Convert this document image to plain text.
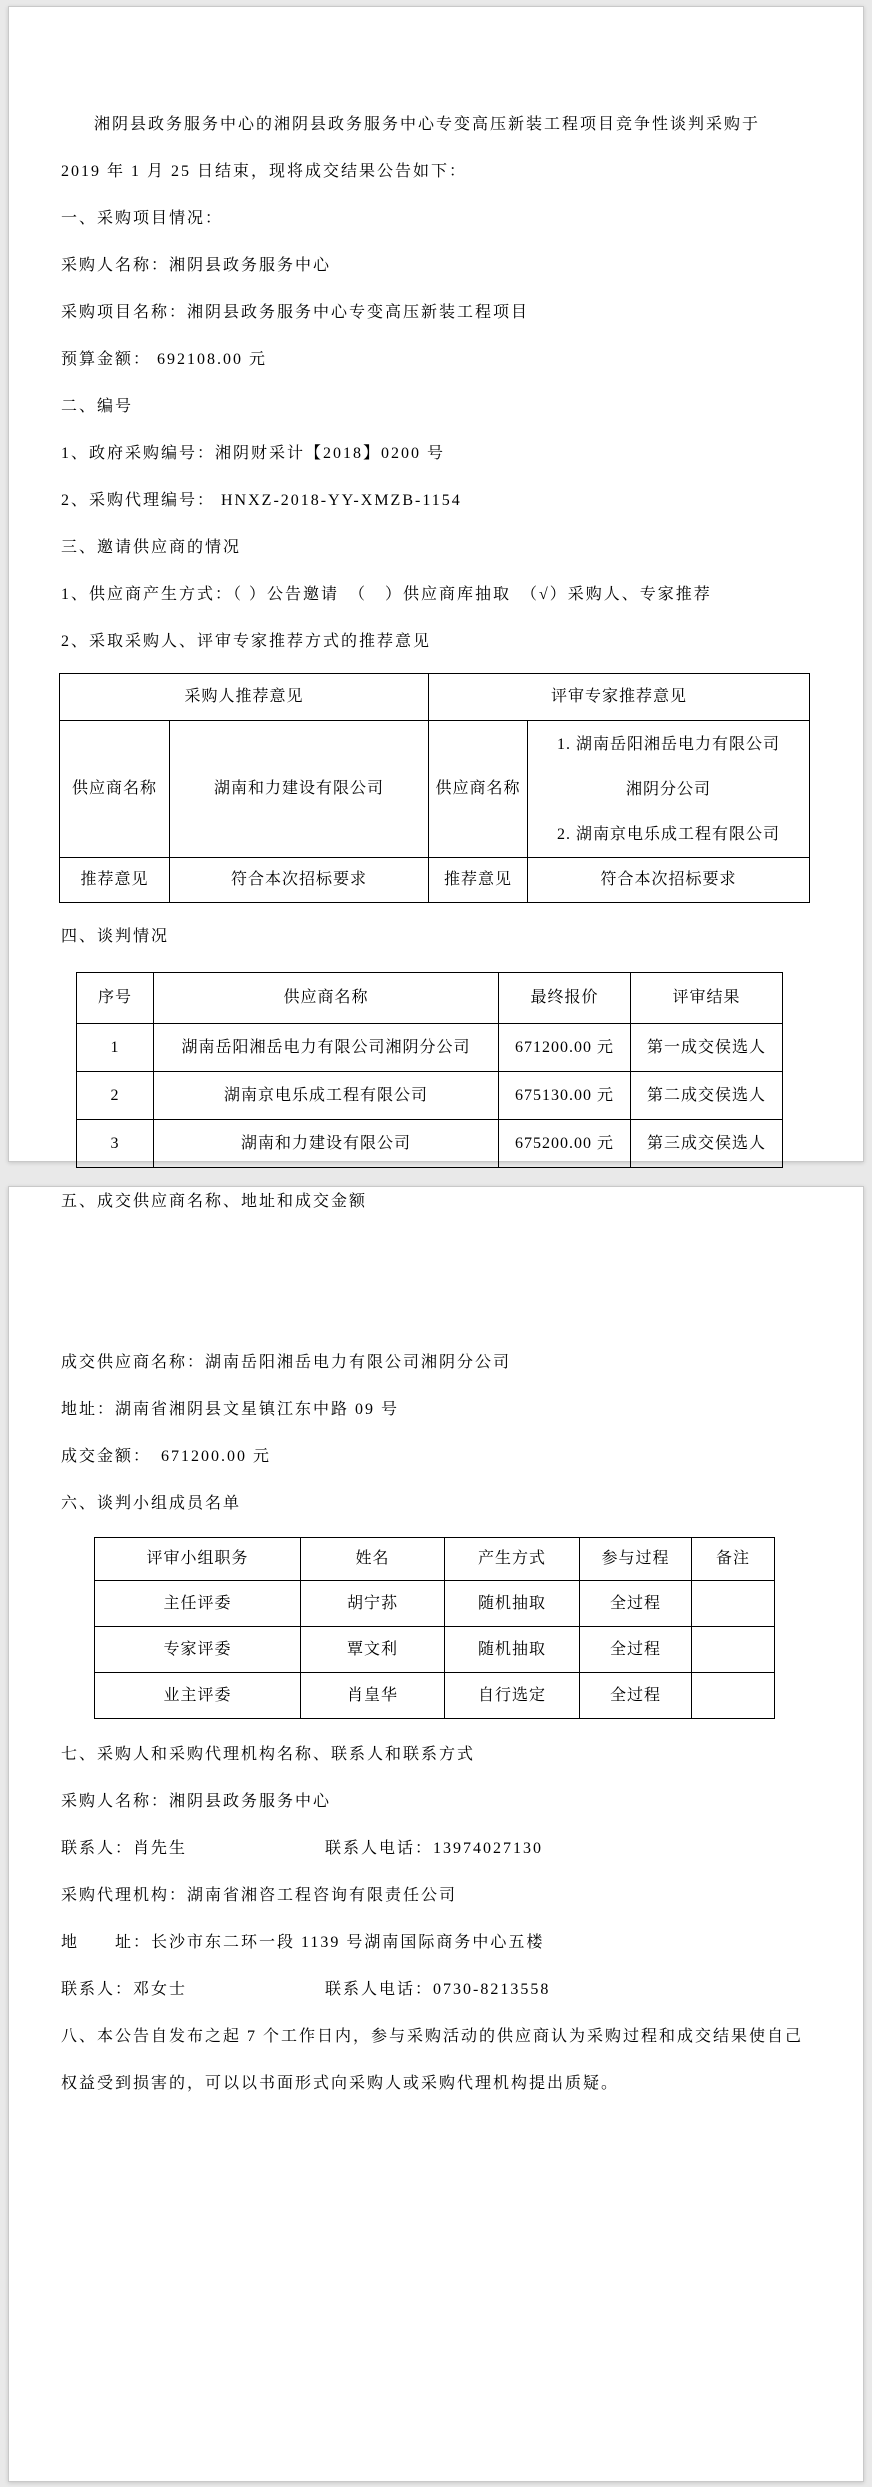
湘阴县政务服务中心的湘阴县政务服务中心专变高压新装工程项目竞争性谈判采购于 2019 年 1 月 25 日结束，现将成交结果公告如下：

一、采购项目情况：

采购人名称：湘阴县政务服务中心

采购项目名称：湘阴县政务服务中心专变高压新装工程项目

预算金额： 692108.00 元

二、编号

1、政府采购编号：湘阴财采计【2018】0200 号

2、采购代理编号： HNXZ-2018-YY-XMZB-1154

三、邀请供应商的情况

1、供应商产生方式：（ ）公告邀请　（　）供应商库抽取　（√）采购人、专家推荐

2、采取采购人、评审专家推荐方式的推荐意见

采购人推荐意见		评审专家推荐意见	
供应商名称	湖南和力建设有限公司	供应商名称	1. 湖南岳阳湘岳电力有限公司
湘阴分公司
2. 湖南京电乐成工程有限公司

推荐意见	符合本次招标要求	推荐意见	符合本次招标要求

四、谈判情况

序号	供应商名称	最终报价	评审结果
1	湖南岳阳湘岳电力有限公司湘阴分公司	671200.00 元	第一成交侯选人
2	湖南京电乐成工程有限公司	675130.00 元	第二成交侯选人
3	湖南和力建设有限公司	675200.00 元	第三成交侯选人

五、成交供应商名称、地址和成交金额

成交供应商名称：湖南岳阳湘岳电力有限公司湘阴分公司

地址：湖南省湘阴县文星镇江东中路 09 号

成交金额：　671200.00 元

六、谈判小组成员名单

评审小组职务	姓名	产生方式	参与过程	备注
主任评委	胡宁荪	随机抽取	全过程	
专家评委	覃文利	随机抽取	全过程	
业主评委	肖皇华	自行选定	全过程	

七、采购人和采购代理机构名称、联系人和联系方式

采购人名称：湘阴县政务服务中心

联系人：肖先生	联系人电话：13974027130

采购代理机构：湖南省湘咨工程咨询有限责任公司

地　　址：长沙市东二环一段 1139 号湖南国际商务中心五楼

联系人：邓女士	联系人电话：0730-8213558

八、本公告自发布之起 7 个工作日内，参与采购活动的供应商认为采购过程和成交结果使自己权益受到损害的，可以以书面形式向采购人或采购代理机构提出质疑。
